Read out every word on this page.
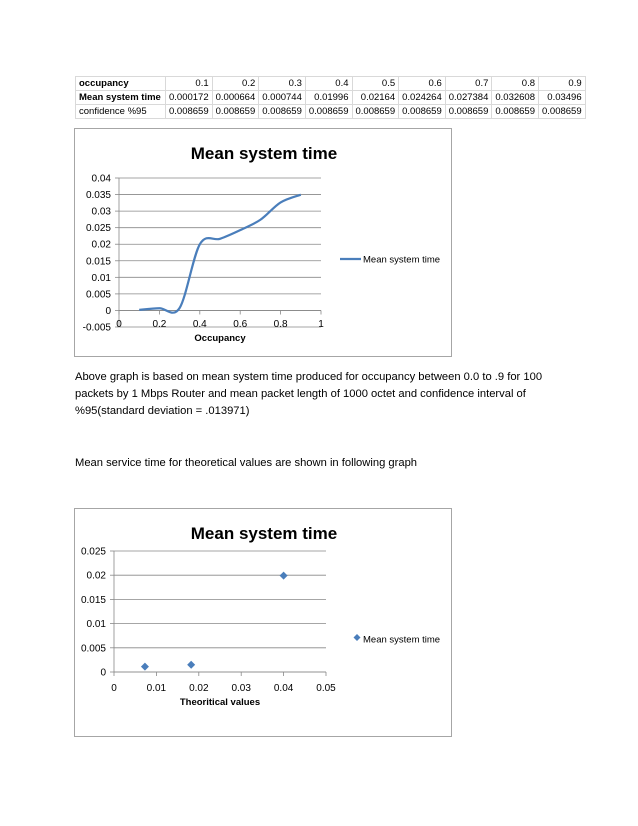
occupancy	0.1	0.2	0.3	0.4	0.5	0.6	0.7	0.8	0.9
Mean system time	0.000172	0.000664	0.000744	0.01996	0.02164	0.024264	0.027384	0.032608	0.03496
confidence %95	0.008659	0.008659	0.008659	0.008659	0.008659	0.008659	0.008659	0.008659	0.008659
Mean system time
-0.005
0
0.005
0.01
0.015
0.02
0.025
0.03
0.035
0.04
0	0.2	0.4	0.6	0.8	1
Occupancy
Mean system time

Above graph is based on mean system time produced for occupancy between 0.0 to .9 for 100 packets by 1 Mbps Router and mean packet length of 1000 octet and confidence interval of %95(standard deviation = .013971)

Mean service time for theoretical values are shown in following graph

Mean system time
0
0.005
0.01
0.015
0.02
0.025
0	0.01 0.02 0.03 0.04 0.05
Theoritical values
Mean system time
